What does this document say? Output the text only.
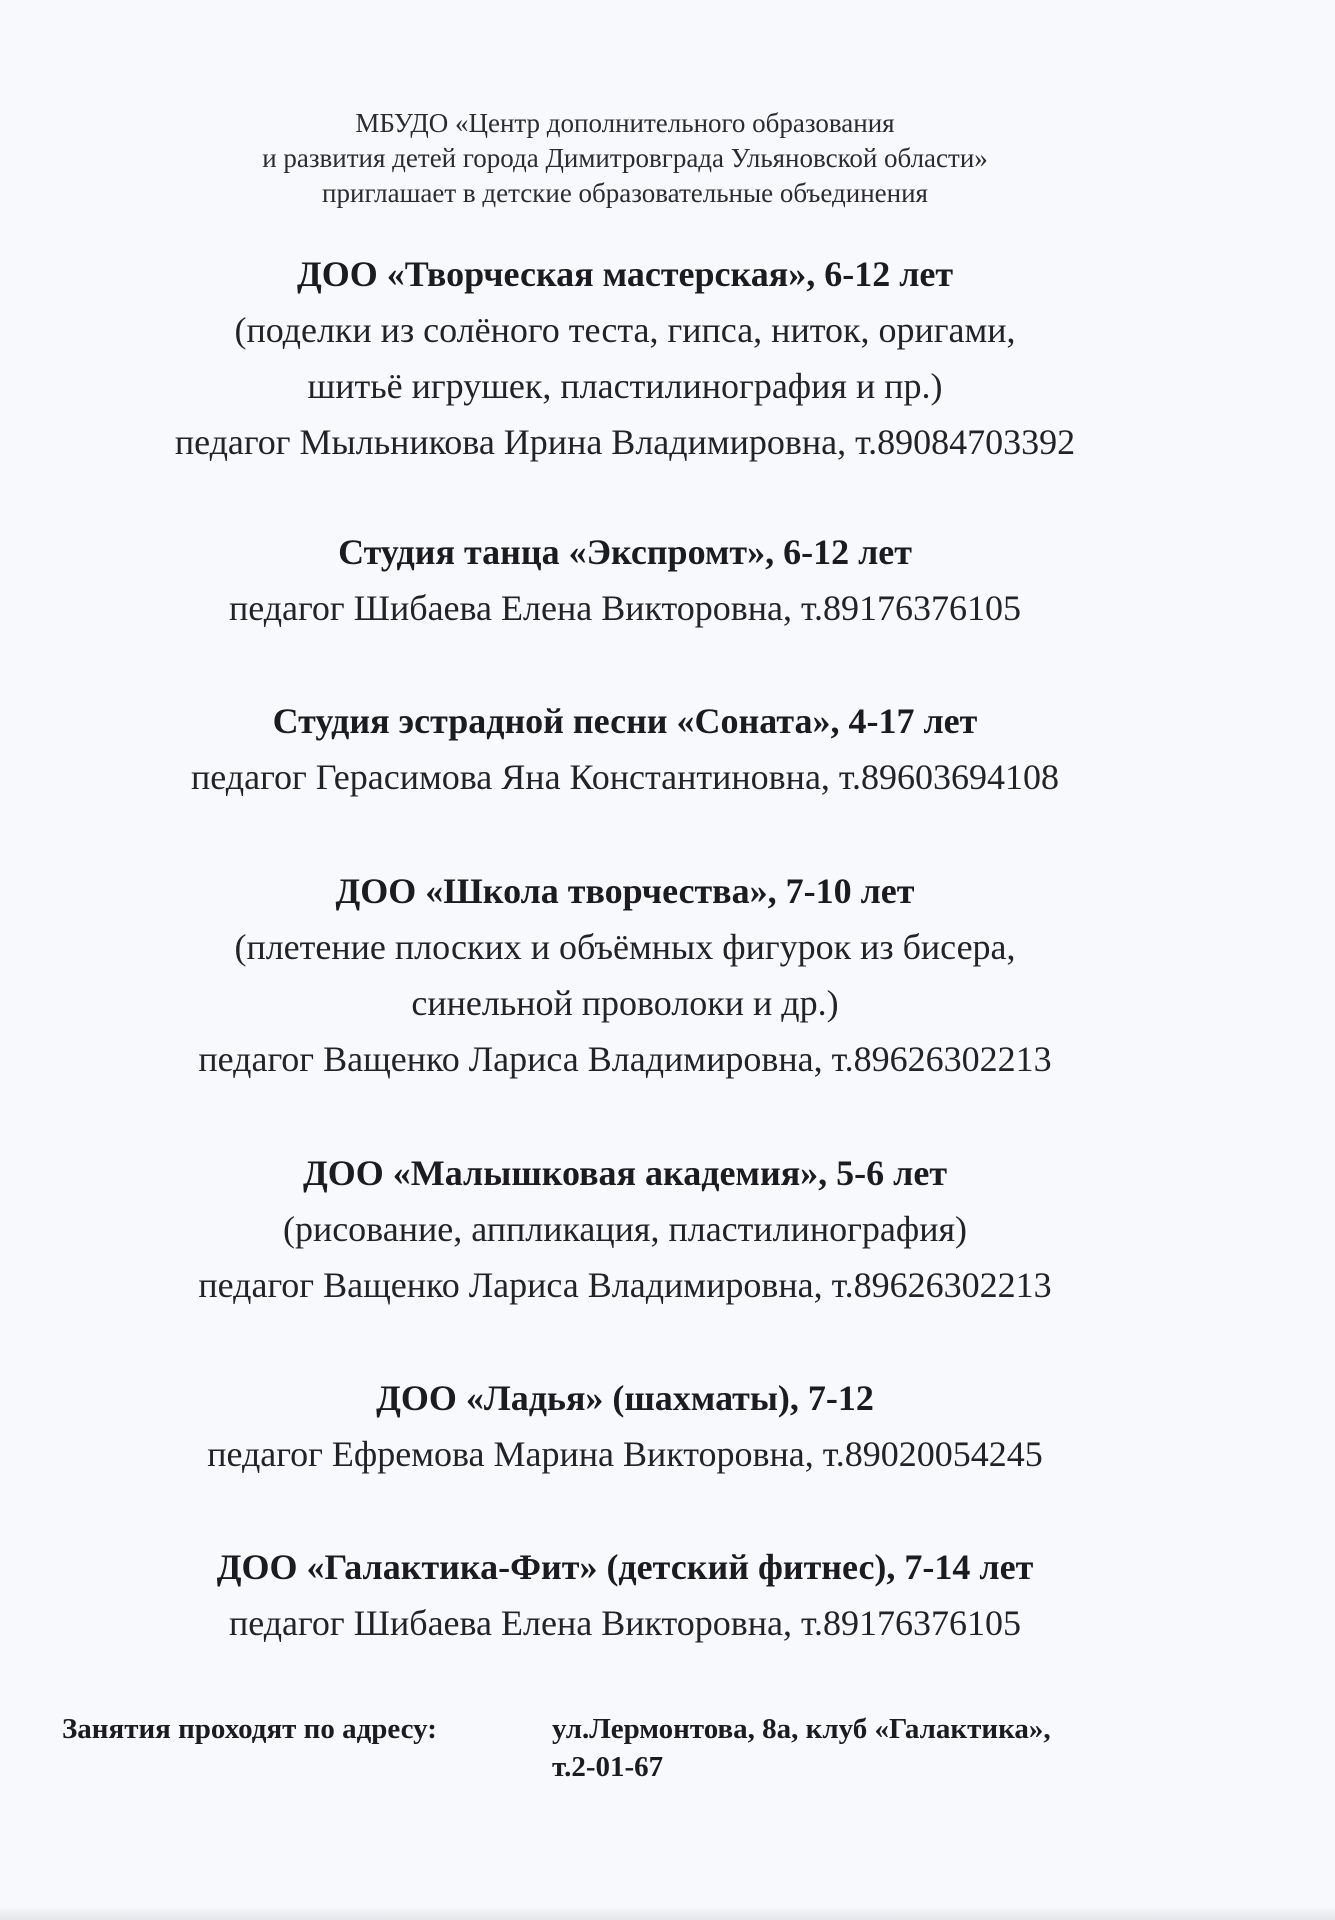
МБУДО «Центр дополнительного образования
и развития детей города Димитровграда Ульяновской области»
приглашает в детские образовательные объединения
ДОО «Творческая мастерская», 6-12 лет
(поделки из солёного теста, гипса, ниток, оригами,
шитьё игрушек, пластилинография и пр.)
педагог Мыльникова Ирина Владимировна, т.89084703392
Студия танца «Экспромт», 6-12 лет
педагог Шибаева Елена Викторовна, т.89176376105
Студия эстрадной песни «Соната», 4-17 лет
педагог Герасимова Яна Константиновна, т.89603694108
ДОО «Школа творчества», 7-10 лет
(плетение плоских и объёмных фигурок из бисера,
синельной проволоки и др.)
педагог Ващенко Лариса Владимировна, т.89626302213
ДОО «Малышковая академия», 5-6 лет
(рисование, аппликация, пластилинография)
педагог Ващенко Лариса Владимировна, т.89626302213
ДОО «Ладья» (шахматы), 7-12
педагог Ефремова Марина Викторовна, т.89020054245
ДОО «Галактика-Фит» (детский фитнес), 7-14 лет
педагог Шибаева Елена Викторовна, т.89176376105
Занятия проходят по адресу:	ул.Лермонтова, 8а, клуб «Галактика»,
т.2-01-67
